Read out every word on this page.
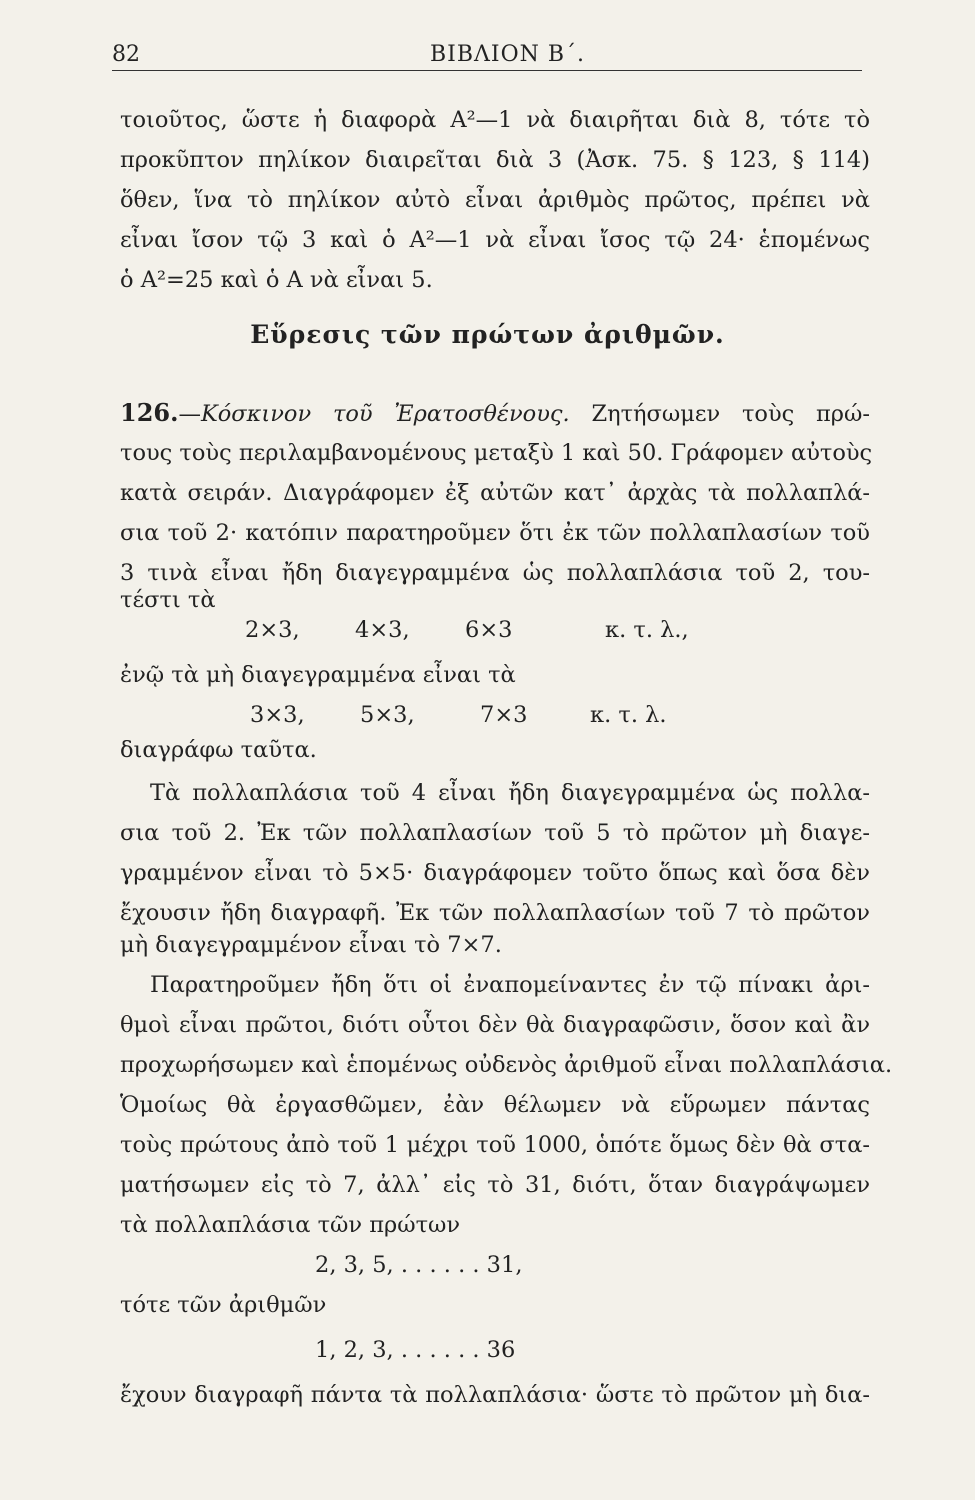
82	ΒΙΒΛΙΟΝ Β΄.
τοιοῦτος, ὥστε ἡ διαφορὰ A²—1 νὰ διαιρῆται διὰ 8, τότε τὸ
προκῦπτον πηλίκον διαιρεῖται διὰ 3 (Ἀσκ. 75. § 123, § 114)
ὅθεν, ἵνα τὸ πηλίκον αὐτὸ εἶναι ἀριθμὸς πρῶτος, πρέπει νὰ
εἶναι ἴσον τῷ 3 καὶ ὁ A²—1 νὰ εἶναι ἴσος τῷ 24· ἑπομένως
ὁ A²=25 καὶ ὁ A νὰ εἶναι 5.
Εὕρεσις τῶν πρώτων ἀριθμῶν.
126.—Κόσκινον τοῦ Ἐρατοσθένους. Ζητήσωμεν τοὺς πρώ-
τους τοὺς περιλαμβανομένους μεταξὺ 1 καὶ 50. Γράφομεν αὐτοὺς
κατὰ σειράν. Διαγράφομεν ἐξ αὐτῶν κατ᾽ ἀρχὰς τὰ πολλαπλά-
σια τοῦ 2· κατόπιν παρατηροῦμεν ὅτι ἐκ τῶν πολλαπλασίων τοῦ
3 τινὰ εἶναι ἤδη διαγεγραμμένα ὡς πολλαπλάσια τοῦ 2, του-
τέστι τὰ
2×3, 4×3, 6×3	κ. τ. λ.,
ἐνῷ τὰ μὴ διαγεγραμμένα εἶναι τὰ
3×3, 5×3,	7×3	κ. τ. λ.
διαγράφω ταῦτα.
Τὰ πολλαπλάσια τοῦ 4 εἶναι ἤδη διαγεγραμμένα ὡς πολλα-
σια τοῦ 2. Ἐκ τῶν πολλαπλασίων τοῦ 5 τὸ πρῶτον μὴ διαγε-
γραμμένον εἶναι τὸ 5×5· διαγράφομεν τοῦτο ὅπως καὶ ὅσα δὲν
ἔχουσιν ἤδη διαγραφῆ. Ἐκ τῶν πολλαπλασίων τοῦ 7 τὸ πρῶτον
μὴ διαγεγραμμένον εἶναι τὸ 7×7.
Παρατηροῦμεν ἤδη ὅτι οἱ ἐναπομείναντες ἐν τῷ πίνακι ἀρι-
θμοὶ εἶναι πρῶτοι, διότι οὗτοι δὲν θὰ διαγραφῶσιν, ὅσον καὶ ἂν
προχωρήσωμεν καὶ ἑπομένως οὐδενὸς ἀριθμοῦ εἶναι πολλαπλάσια.
Ὁμοίως θὰ ἐργασθῶμεν, ἐὰν θέλωμεν νὰ εὕρωμεν πάντας
τοὺς πρώτους ἀπὸ τοῦ 1 μέχρι τοῦ 1000, ὁπότε ὅμως δὲν θὰ στα-
ματήσωμεν εἰς τὸ 7, ἀλλ᾽ εἰς τὸ 31, διότι, ὅταν διαγράψωμεν
τὰ πολλαπλάσια τῶν πρώτων
2, 3, 5, . . . . . . 31,
τότε τῶν ἀριθμῶν
1, 2, 3, . . . . . . 36
ἔχουν διαγραφῆ πάντα τὰ πολλαπλάσια· ὥστε τὸ πρῶτον μὴ δια-
